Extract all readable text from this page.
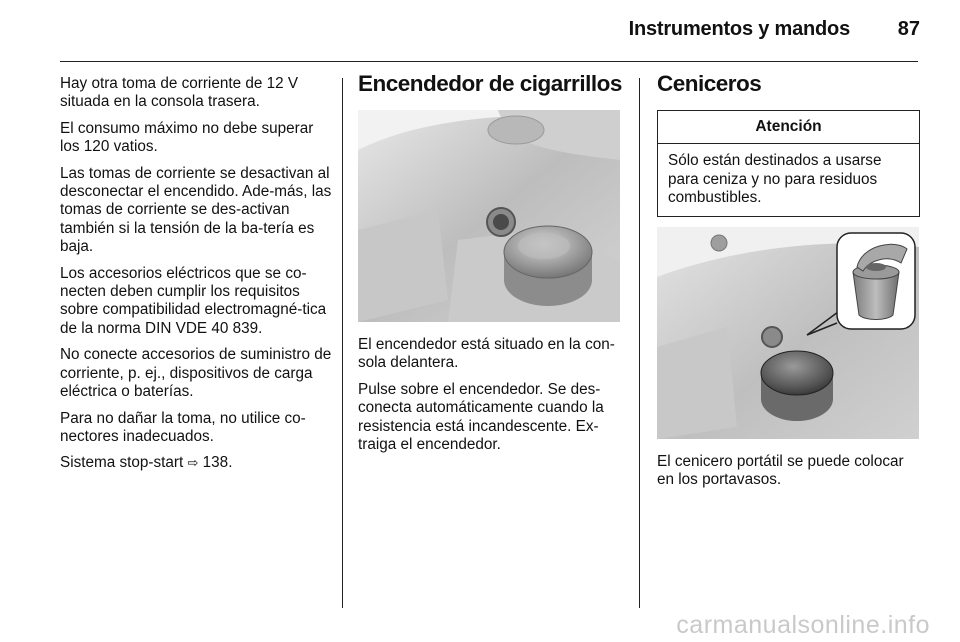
Instrumentos y mandos 87

Hay otra toma de corriente de 12 V situada en la consola trasera.

El consumo máximo no debe superar los 120 vatios.

Las tomas de corriente se desactivan al desconectar el encendido. Ade-más, las tomas de corriente se des-activan también si la tensión de la ba-tería es baja.

Los accesorios eléctricos que se co-necten deben cumplir los requisitos sobre compatibilidad electromagné-tica de la norma DIN VDE 40 839.

No conecte accesorios de suministro de corriente, p. ej., dispositivos de carga eléctrica o baterías.

Para no dañar la toma, no utilice co-nectores inadecuados.

Sistema stop-start ⇨ 138.

Encendedor de cigarrillos

El encendedor está situado en la con-sola delantera.

Pulse sobre el encendedor. Se des-conecta automáticamente cuando la resistencia está incandescente. Ex-traiga el encendedor.

Ceniceros
Atención
Sólo están destinados a usarse para ceniza y no para residuos combustibles.

El cenicero portátil se puede colocar en los portavasos.

carmanualsonline.info
